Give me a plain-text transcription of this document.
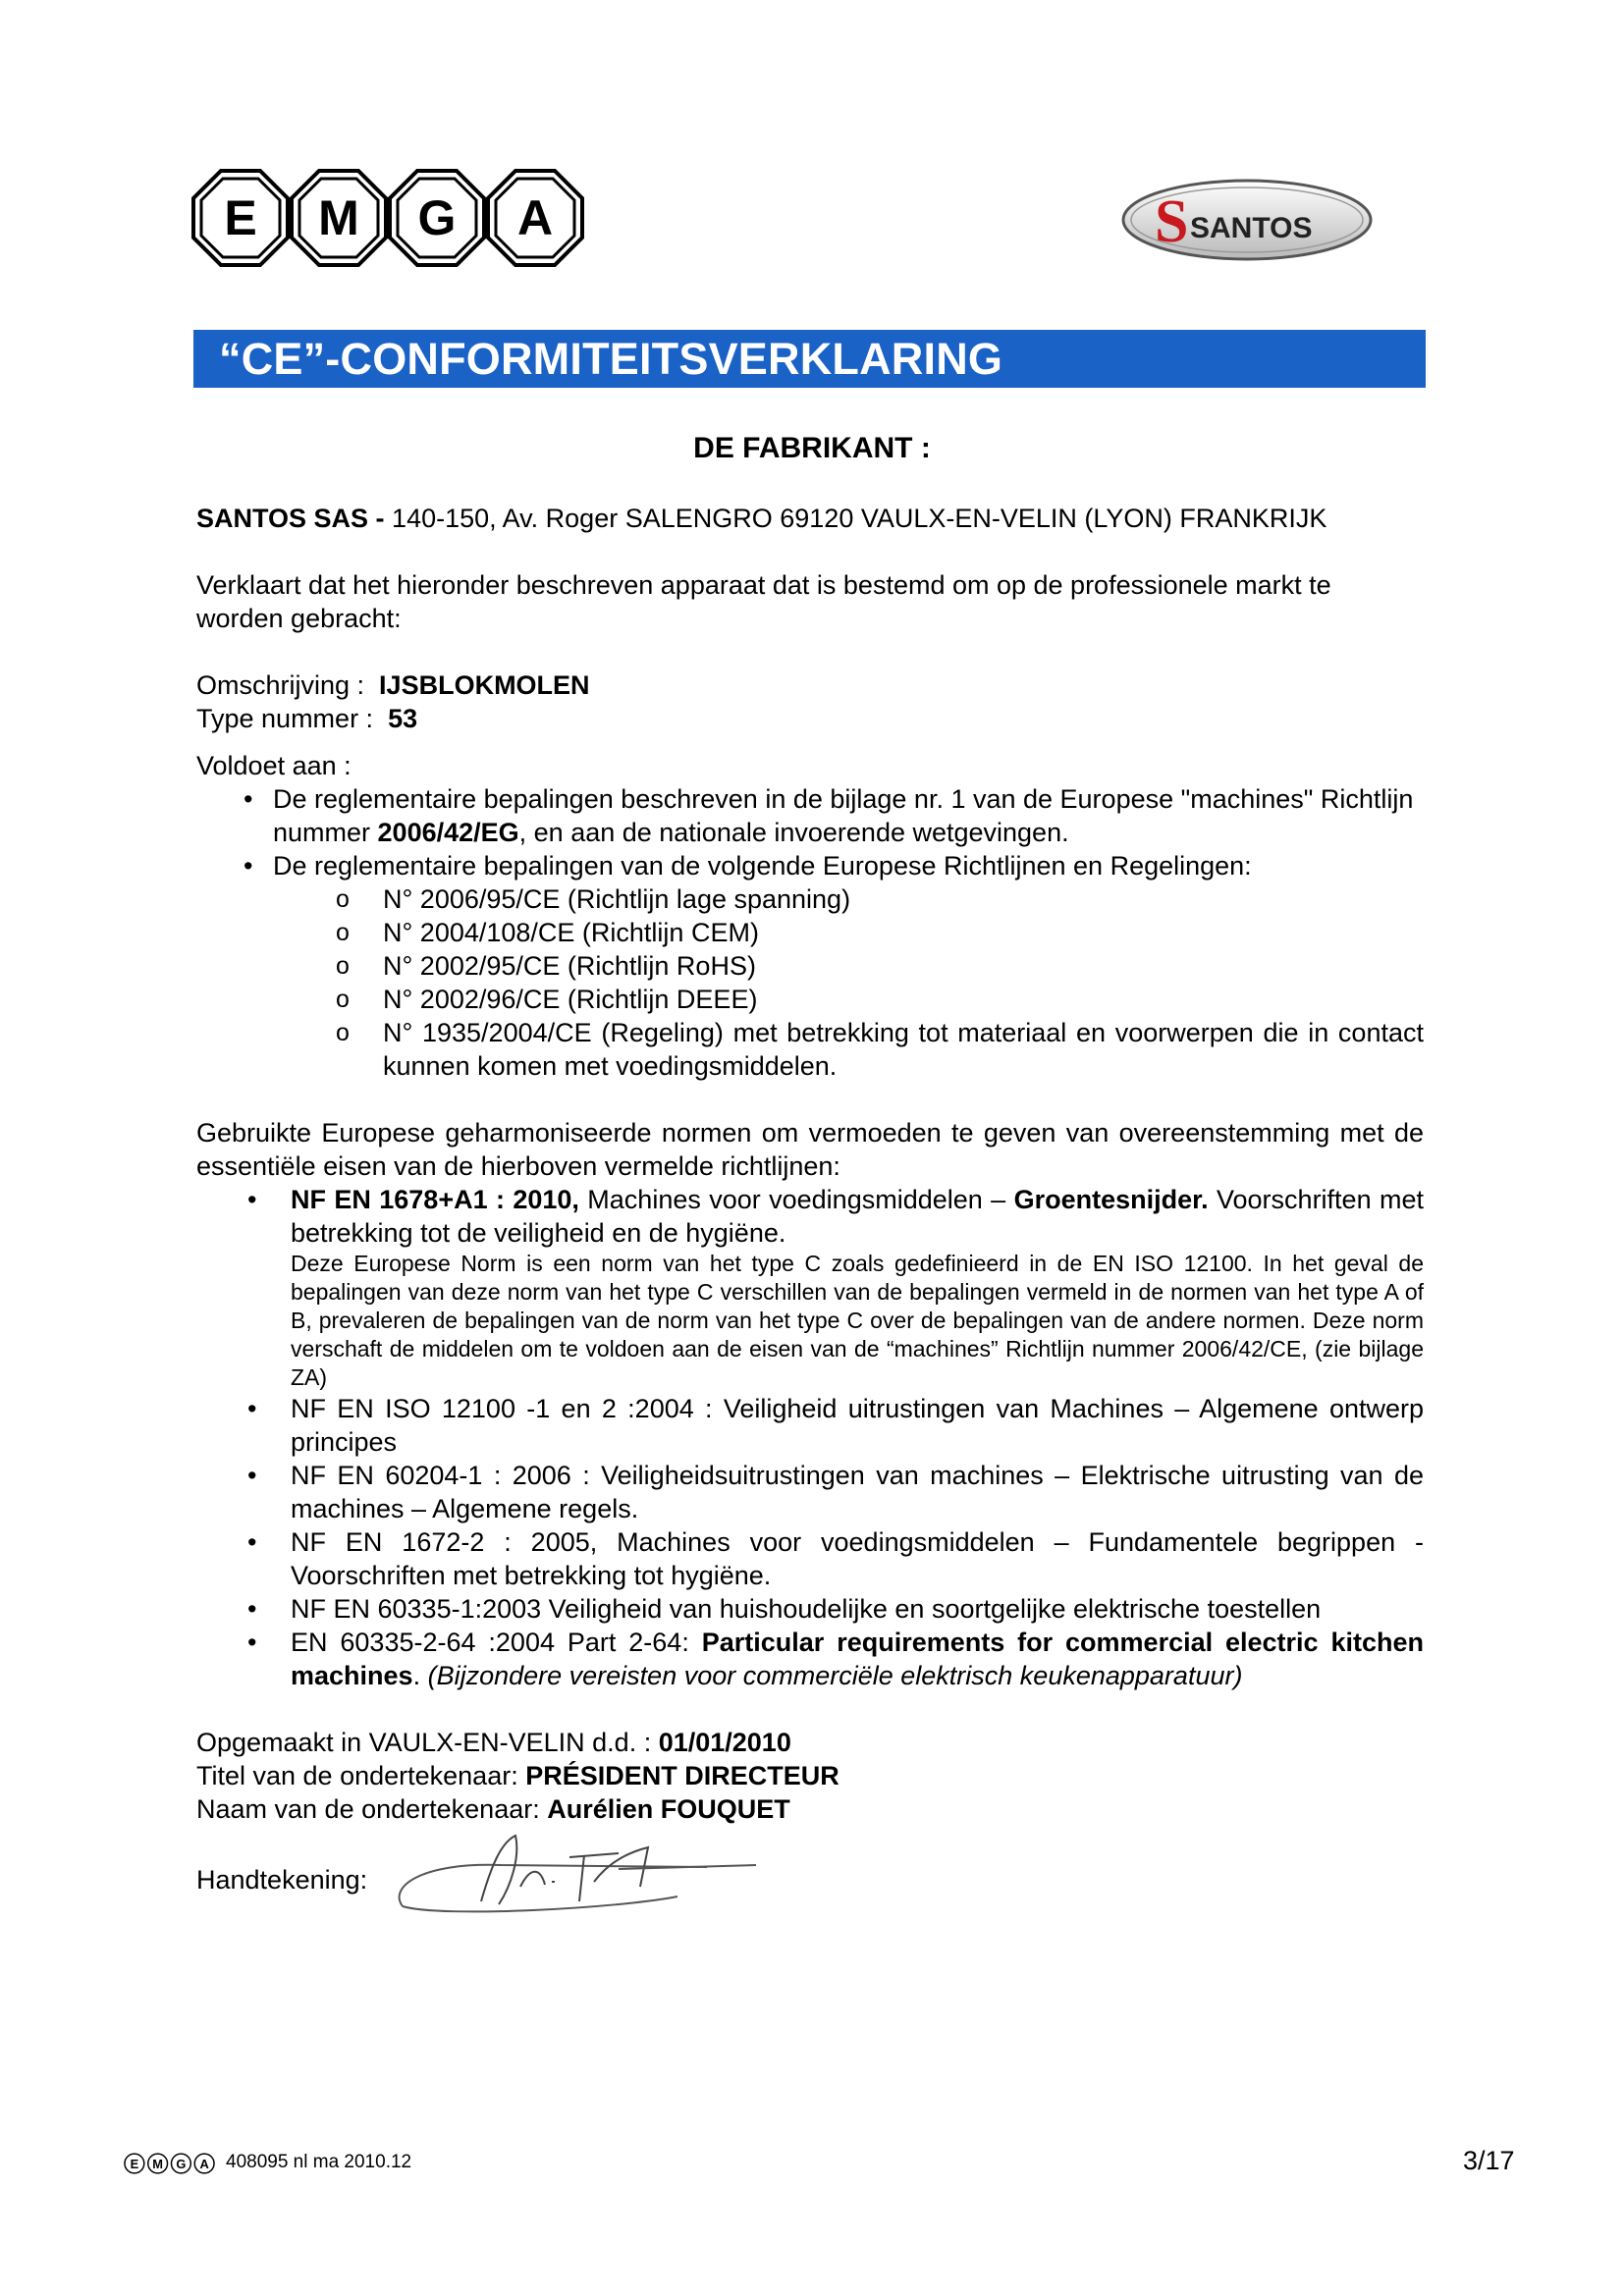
E M G A	S SANTOS
“CE”-CONFORMITEITSVERKLARING
DE FABRIKANT :

SANTOS SAS - 140-150, Av. Roger SALENGRO 69120 VAULX-EN-VELIN (LYON) FRANKRIJK

Verklaart dat het hieronder beschreven apparaat dat is bestemd om op de professionele markt te worden gebracht:

Omschrijving : IJSBLOKMOLEN

Type nummer : 53

Voldoet aan :

• De reglementaire bepalingen beschreven in de bijlage nr. 1 van de Europese "machines" Richtlijn nummer 2006/42/EG, en aan de nationale invoerende wetgevingen.
• De reglementaire bepalingen van de volgende Europese Richtlijnen en Regelingen:
o N° 2006/95/CE (Richtlijn lage spanning)
o N° 2004/108/CE (Richtlijn CEM)
o N° 2002/95/CE (Richtlijn RoHS)
o N° 2002/96/CE (Richtlijn DEEE)
o N° 1935/2004/CE (Regeling) met betrekking tot materiaal en voorwerpen die in contact kunnen komen met voedingsmiddelen.

Gebruikte Europese geharmoniseerde normen om vermoeden te geven van overeenstemming met de essentiële eisen van de hierboven vermelde richtlijnen:

• NF EN 1678+A1 : 2010, Machines voor voedingsmiddelen – Groentesnijder. Voorschriften met betrekking tot de veiligheid en de hygiëne.

Deze Europese Norm is een norm van het type C zoals gedefinieerd in de EN ISO 12100. In het geval de bepalingen van deze norm van het type C verschillen van de bepalingen vermeld in de normen van het type A of B, prevaleren de bepalingen van de norm van het type C over de bepalingen van de andere normen. Deze norm verschaft de middelen om te voldoen aan de eisen van de “machines” Richtlijn nummer 2006/42/CE, (zie bijlage ZA)

• NF EN ISO 12100 -1 en 2 :2004 : Veiligheid uitrustingen van Machines – Algemene ontwerp principes
• NF EN 60204-1 : 2006 : Veiligheidsuitrustingen van machines – Elektrische uitrusting van de machines – Algemene regels.
• NF EN 1672-2 : 2005, Machines voor voedingsmiddelen – Fundamentele begrippen - Voorschriften met betrekking tot hygiëne.
• NF EN 60335-1:2003 Veiligheid van huishoudelijke en soortgelijke elektrische toestellen
• EN 60335-2-64 :2004 Part 2-64: Particular requirements for commercial electric kitchen machines. (Bijzondere vereisten voor commerciële elektrisch keukenapparatuur)

Opgemaakt in VAULX-EN-VELIN d.d. : 01/01/2010

Titel van de ondertekenaar: PRÉSIDENT DIRECTEUR

Naam van de ondertekenaar: Aurélien FOUQUET

Handtekening:
E M G A 408095 nl ma 2010.12	3/17
